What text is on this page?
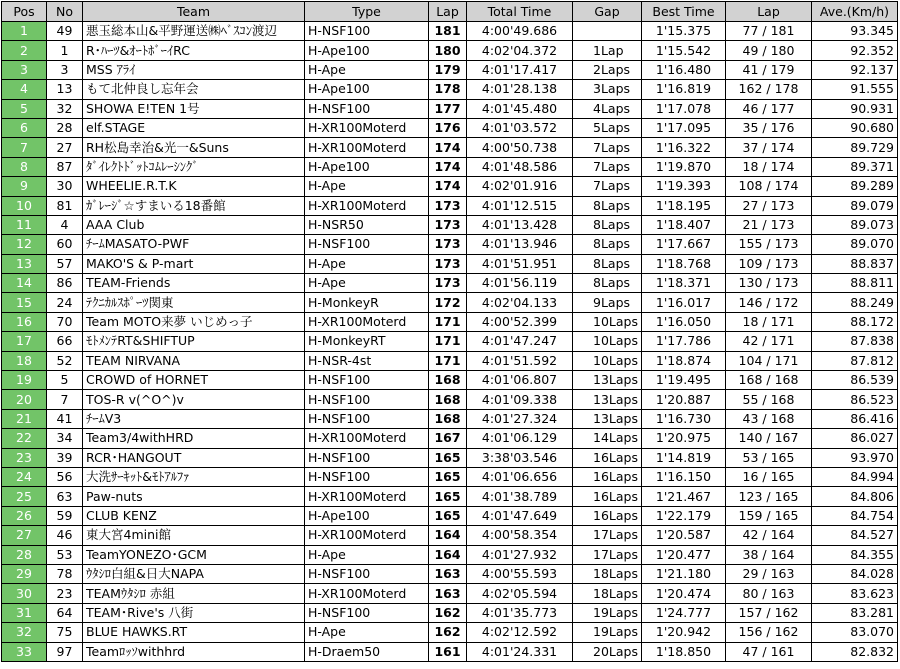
Pos	No	Team	Type	Lap	Total Time	Gap	Best Time	Lap	Ave.(Km/h)
1	49	悪玉総本山&平野運送㈱ﾍﾞｽｺﾝ渡辺	H-NSF100	181	4:00'49.686		1'15.375	77 / 181	93.345
2	1	R･ﾊｰﾂ&ｵｰﾄﾎﾞｰｲRC	H-Ape100	180	4:02'04.372	1Lap	1'15.542	49 / 180	92.352
3	3	MSS ｱﾗｲ	H-Ape	179	4:01'17.417	2Laps	1'16.480	41 / 179	92.137
4	13	もて北仲良し忘年会	H-Ape100	178	4:01'28.138	3Laps	1'16.819	162 / 178	91.555
5	32	SHOWA E!TEN 1号	H-NSF100	177	4:01'45.480	4Laps	1'17.078	46 / 177	90.931
6	28	elf.STAGE	H-XR100Moterd	176	4:01'03.572	5Laps	1'17.095	35 / 176	90.680
7	27	RH松島幸治&光一&Suns	H-XR100Moterd	174	4:00'50.738	7Laps	1'16.322	37 / 174	89.729
8	87	ﾀﾞｲﾚｸﾄﾄﾞｯﾄｺﾑﾚｰｼﾝｸﾞ	H-Ape100	174	4:01'48.586	7Laps	1'19.870	18 / 174	89.371
9	30	WHEELIE.R.T.K	H-Ape	174	4:02'01.916	7Laps	1'19.393	108 / 174	89.289
10	81	ｶﾞﾚｰｼﾞ☆すまいる18番館	H-XR100Moterd	173	4:01'12.515	8Laps	1'18.195	27 / 173	89.079
11	4	AAA Club	H-NSR50	173	4:01'13.428	8Laps	1'18.407	21 / 173	89.073
12	60	ﾁｰﾑMASATO-PWF	H-NSF100	173	4:01'13.946	8Laps	1'17.667	155 / 173	89.070
13	57	MAKO'S & P-mart	H-Ape	173	4:01'51.951	8Laps	1'18.768	109 / 173	88.837
14	86	TEAM-Friends	H-Ape	173	4:01'56.119	8Laps	1'18.371	130 / 173	88.811
15	24	ﾃｸﾆｶﾙｽﾎﾟｰﾂ関東	H-MonkeyR	172	4:02'04.133	9Laps	1'16.017	146 / 172	88.249
16	70	Team MOTO来夢 いじめっ子	H-XR100Moterd	171	4:00'52.399	10Laps	1'16.050	18 / 171	88.172
17	66	ﾓﾄﾒﾝﾃRT&SHIFTUP	H-MonkeyRT	171	4:01'47.247	10Laps	1'17.786	42 / 171	87.838
18	52	TEAM NIRVANA	H-NSR-4st	171	4:01'51.592	10Laps	1'18.874	104 / 171	87.812
19	5	CROWD of HORNET	H-NSF100	168	4:01'06.807	13Laps	1'19.495	168 / 168	86.539
20	7	TOS-R v(^O^)v	H-NSF100	168	4:01'09.338	13Laps	1'20.887	55 / 168	86.523
21	41	ﾁｰﾑV3	H-NSF100	168	4:01'27.324	13Laps	1'16.730	43 / 168	86.416
22	34	Team3/4withHRD	H-XR100Moterd	167	4:01'06.129	14Laps	1'20.975	140 / 167	86.027
23	39	RCR･HANGOUT	H-NSF100	165	3:38'03.546	16Laps	1'14.819	53 / 165	93.970
24	56	大洗ｻｰｷｯﾄ&ﾓﾄｱﾙﾌｧ	H-NSF100	165	4:01'06.656	16Laps	1'16.150	16 / 165	84.994
25	63	Paw-nuts	H-XR100Moterd	165	4:01'38.789	16Laps	1'21.467	123 / 165	84.806
26	59	CLUB KENZ	H-Ape100	165	4:01'47.649	16Laps	1'22.179	159 / 165	84.754
27	46	東大宮4mini館	H-XR100Moterd	164	4:00'58.354	17Laps	1'20.587	42 / 164	84.527
28	53	TeamYONEZO･GCM	H-Ape	164	4:01'27.932	17Laps	1'20.477	38 / 164	84.355
29	78	ｳﾀｼﾛ白組&日大NAPA	H-NSF100	163	4:00'55.593	18Laps	1'21.180	29 / 163	84.028
30	23	TEAMｳﾀｼﾛ 赤組	H-XR100Moterd	163	4:02'05.594	18Laps	1'20.474	80 / 163	83.623
31	64	TEAM･Rive's 八街	H-NSF100	162	4:01'35.773	19Laps	1'24.777	157 / 162	83.281
32	75	BLUE HAWKS.RT	H-Ape	162	4:02'12.592	19Laps	1'20.942	156 / 162	83.070
33	97	Teamﾛｯｿwithhrd	H-Draem50	161	4:01'24.331	20Laps	1'18.850	47 / 161	82.832
